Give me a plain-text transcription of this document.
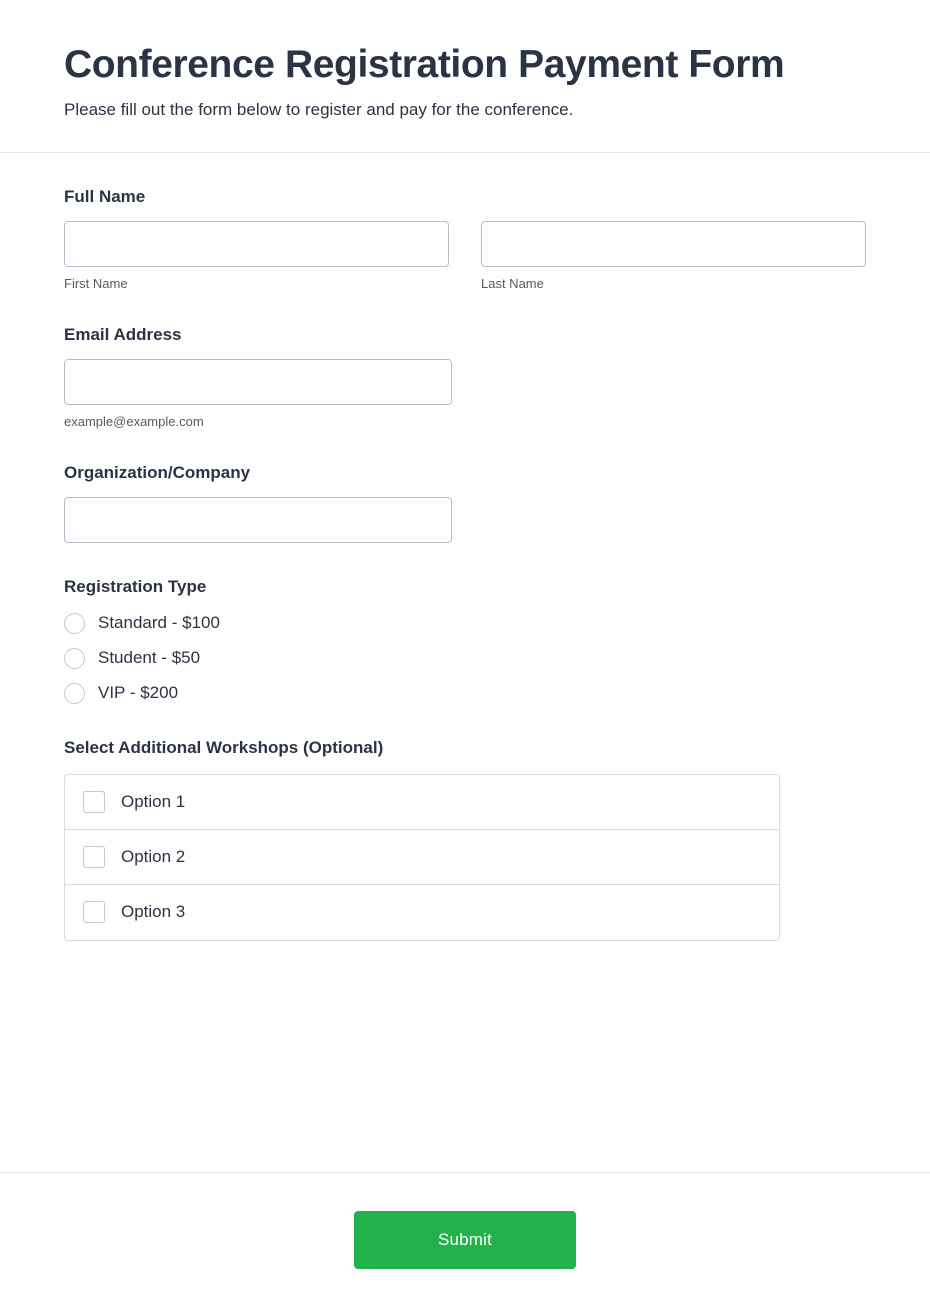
Conference Registration Payment Form

Please fill out the form below to register and pay for the conference.

Full Name
First Name	Last Name
Email Address
example@example.com
Organization/Company
Registration Type
Standard - $100
Student - $50
VIP - $200
Select Additional Workshops (Optional)
Option 1
Option 2
Option 3
Submit
